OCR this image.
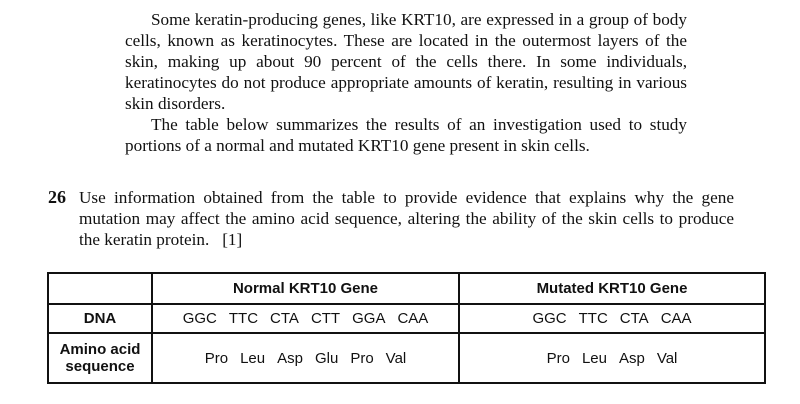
Some keratin-producing genes, like KRT10, are expressed in a group of body cells, known as keratinocytes. These are located in the outermost layers of the skin, making up about 90 percent of the cells there. In some individuals, keratinocytes do not produce appropriate amounts of keratin, resulting in various skin disorders.

The table below summarizes the results of an investigation used to study portions of a normal and mutated KRT10 gene present in skin cells.

26 Use information obtained from the table to provide evidence that explains why the gene mutation may affect the amino acid sequence, altering the ability of the skin cells to produce the keratin protein. [1]
	Normal KRT10 Gene	Mutated KRT10 Gene
DNA	GGC TTC CTA CTT GGA CAA	GGC TTC CTA CAA
Amino acid
sequence	Pro Leu Asp Glu Pro Val	Pro Leu Asp Val
